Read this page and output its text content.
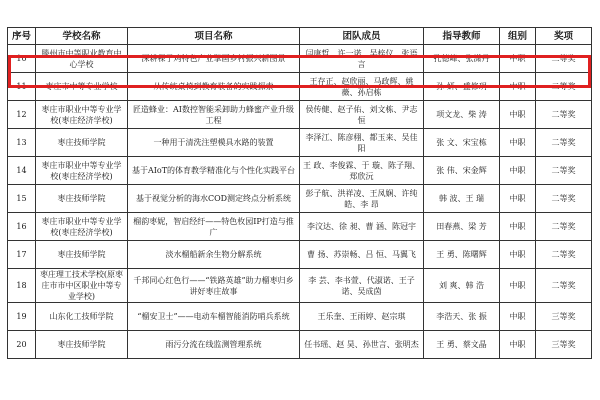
序号	学校名称	项目名称	团队成员	指导教师	组别	奖项
10	滕州市中等职业教育中心学校	深耕稞子鸡特色产业擘画乡村振兴新图景	闫康哲、许一诺、吴梓仪、张语言	孔德峰、张潇丹	中职	二等奖
11	枣庄市中等专业学校	从传统桌椅到教育装备的实践探索	王存正、赵欣丽、马政辉、姚 薇、孙启栋	孙 妍、盛修玥	中职	二等奖
12	枣庄市职业中等专业学校(枣庄经济学校)	匠造蜂业：AI数控智能采卸助力蜂蜜产业升级工程	侯传健、赵子佑、刘文栋、尹志恒	项文龙、柴 涛	中职	二等奖
13	枣庄技师学院	一种用于清洗注塑模具水路的装置	李泽江、陈彦栩、都玉来、吴佳阳	张 文、宋宝栋	中职	二等奖
14	枣庄市职业中等专业学校(枣庄经济学校)	基于AIoT的体育教学精准化与个性化实践平台	王 政、李俊霖、于 璇、陈子翔、郑欣沅	张 伟、宋金辉	中职	二等奖
15	枣庄技师学院	基于视觉分析的海水COD测定终点分析系统	彭子航、洪祥凌、王凤娴、许纯皓、李 昂	韩 波、王 瑞	中职	二等奖
16	枣庄市职业中等专业学校(枣庄经济学校)	榴韵枣妮，智启经纡——特色枚园IP打造与推广	李汶达、徐 昶、曹 涵、陈冠宇	田春燕、梁 芳	中职	二等奖
17	枣庄技师学院	淡水榴船新余生物分解系统	曹 扬、苏崇畅、吕 恒、马翼飞	王 勇、陈曙辉	中职	二等奖
18	枣庄理工技术学校(原枣庄市市中区职业中等专业学校)	千邦同心红色行——“铁路英雄”助力榴枣归乡讲好枣庄故事	李 芸、李书萱、代淑诺、王子诺、吴成茵	刘 爽、韩 浩	中职	二等奖
19	山东化工技师学院	“榴安卫士”——电动车榴智能消防哨兵系统	王乐奎、王雨婷、赵宗琪	李浩天、张 振	中职	三等奖
20	枣庄技师学院	雨污分流在线监测管理系统	任书瑶、赵 昊、孙世言、张明杰	王 勇、蔡文晶	中职	三等奖
